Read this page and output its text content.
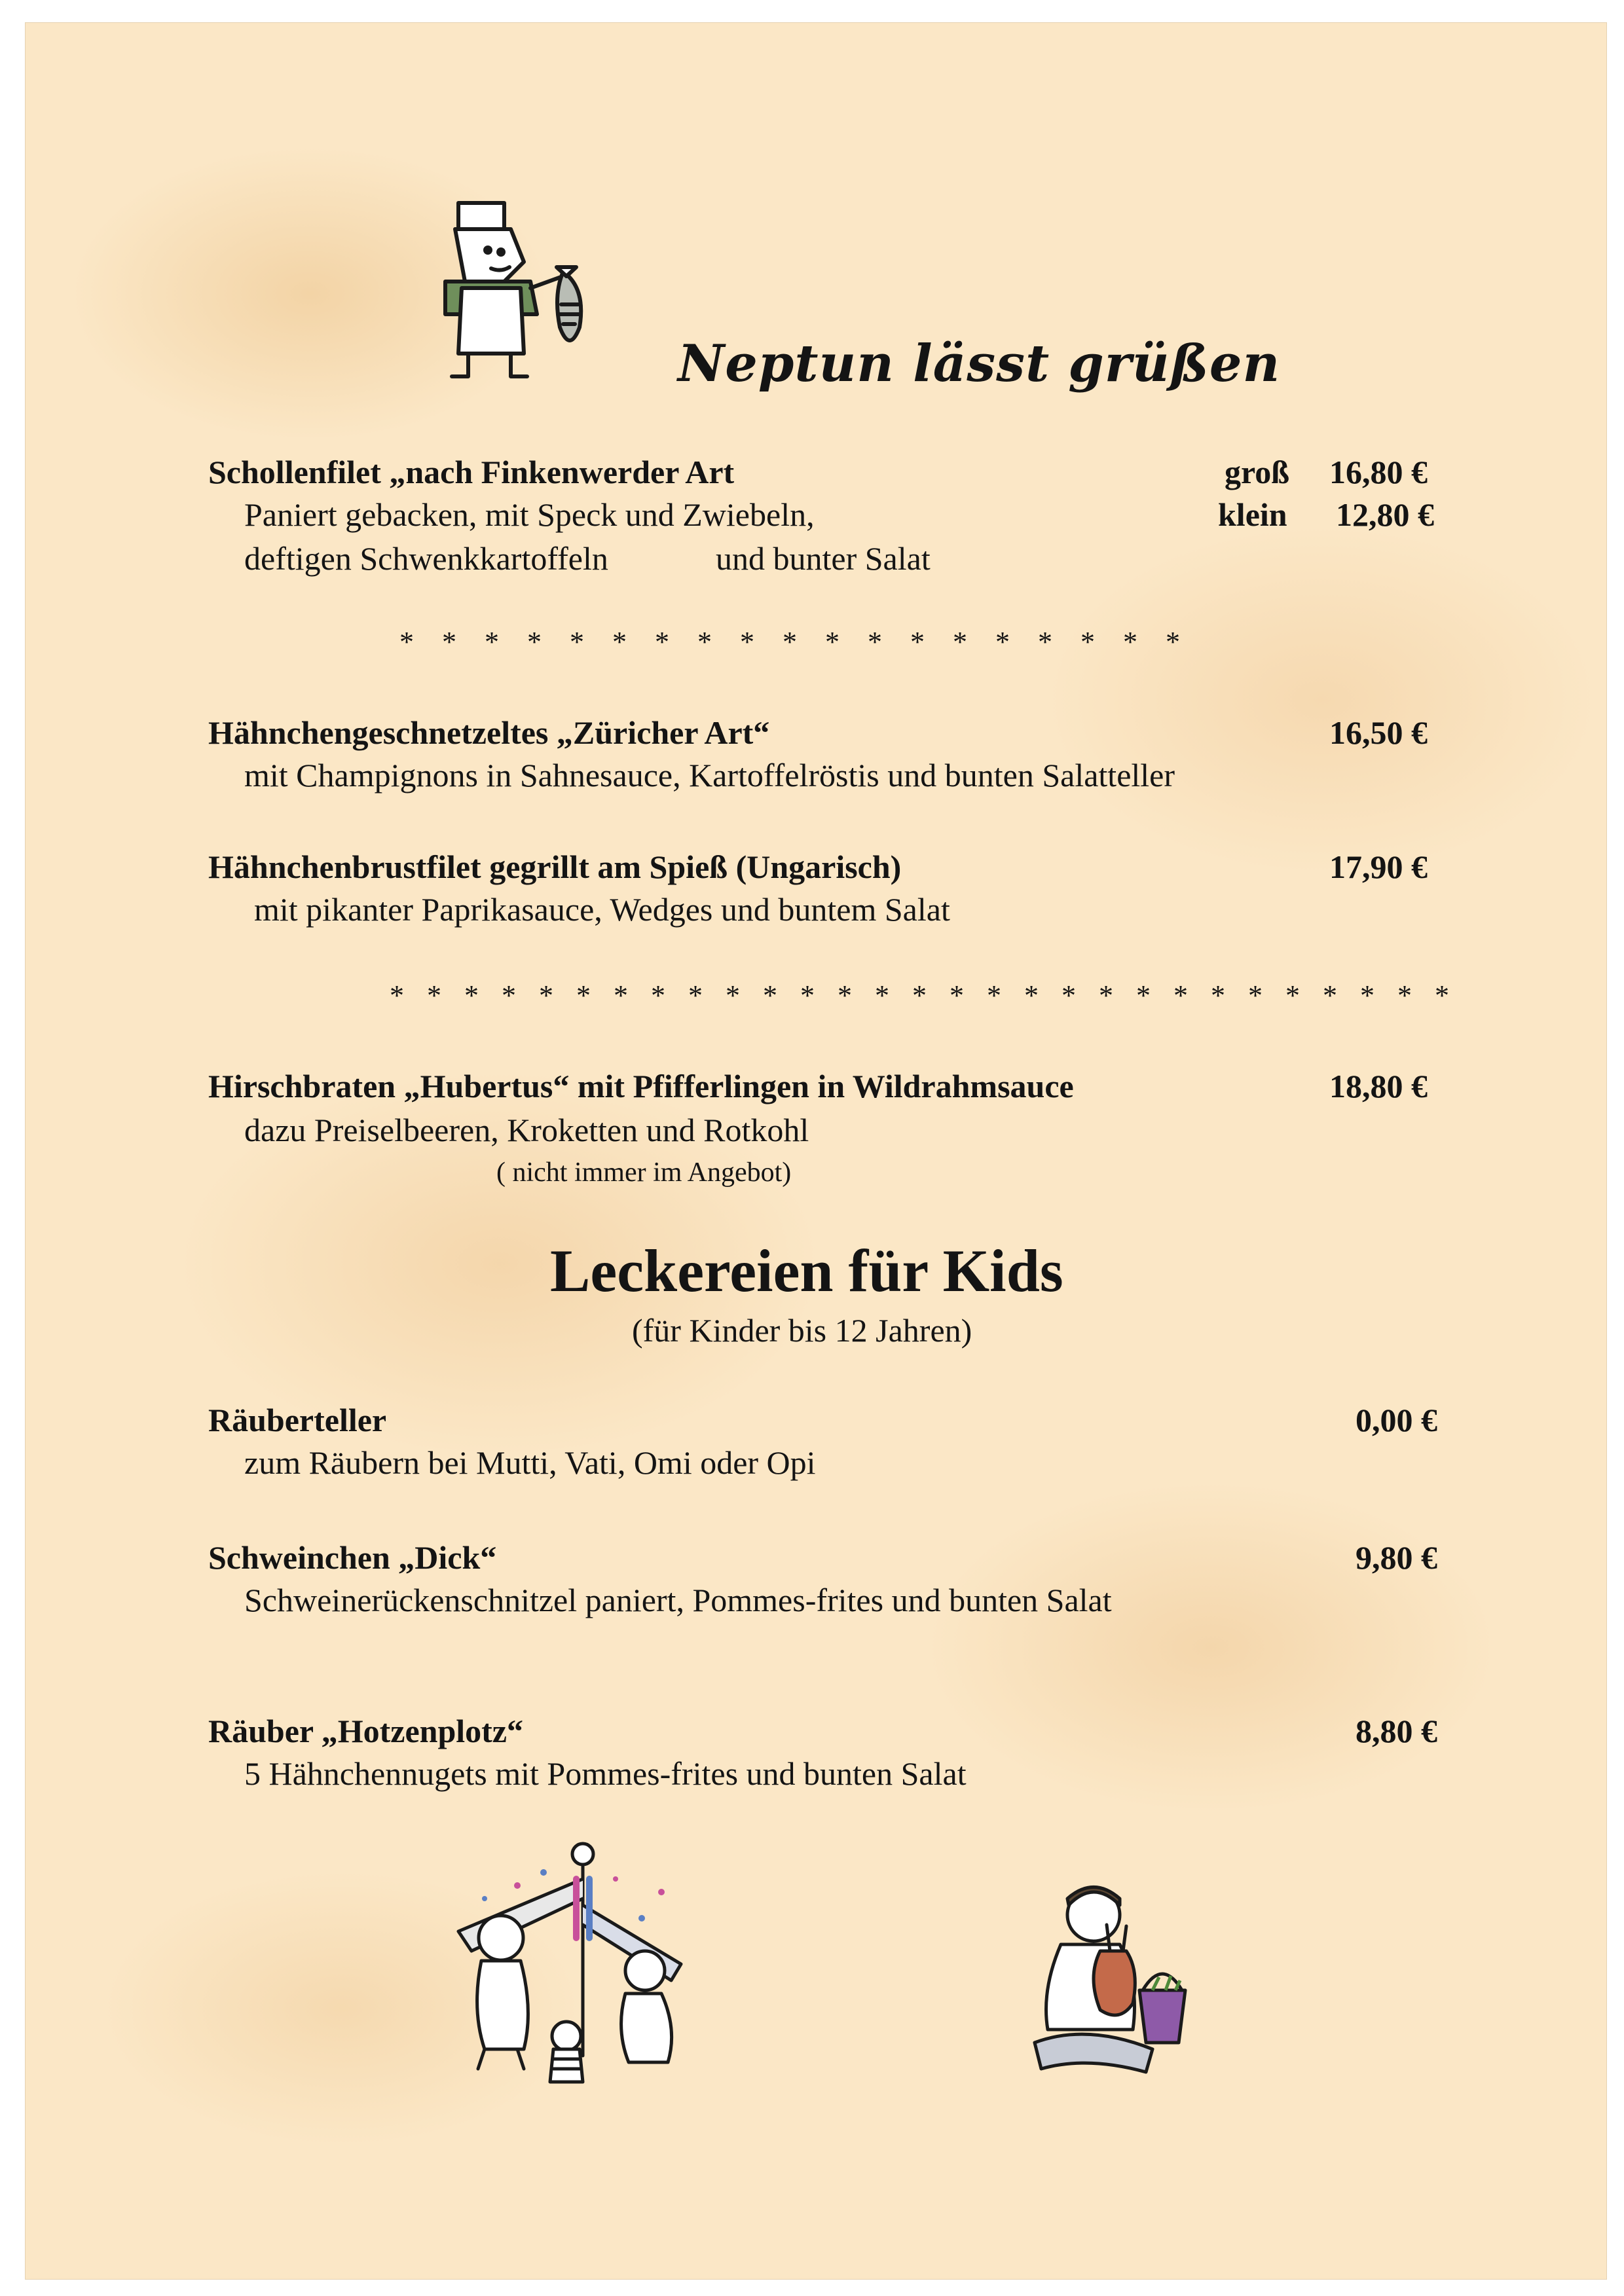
Neptun lässt grüßen
Schollenfilet „nach Finkenwerder Art
Paniert gebacken, mit Speck und Zwiebeln,
deftigen Schwenkkartoffeln	und bunter Salat
groß 16,80 €
klein 12,80 €
* * * * * * * * * * * * * * * * * * *
Hähnchengeschnetzeltes „Züricher Art“
mit Champignons in Sahnesauce, Kartoffelröstis und bunten Salatteller
16,50 €
Hähnchenbrustfilet gegrillt am Spieß (Ungarisch)
mit pikanter Paprikasauce, Wedges und buntem Salat
17,90 €
* * * * * * * * * * * * * * * * * * * * * * * * * * * * *
Hirschbraten „Hubertus“ mit Pfifferlingen in Wildrahmsauce
dazu Preiselbeeren, Kroketten und Rotkohl
( nicht immer im Angebot)
18,80 €
Leckereien für Kids
(für Kinder bis 12 Jahren)
Räuberteller
zum Räubern bei Mutti, Vati, Omi oder Opi
0,00 €
Schweinchen „Dick“
Schweinerückenschnitzel paniert, Pommes-frites und bunten Salat
9,80 €
Räuber „Hotzenplotz“
5 Hähnchennugets mit Pommes-frites und bunten Salat
8,80 €
